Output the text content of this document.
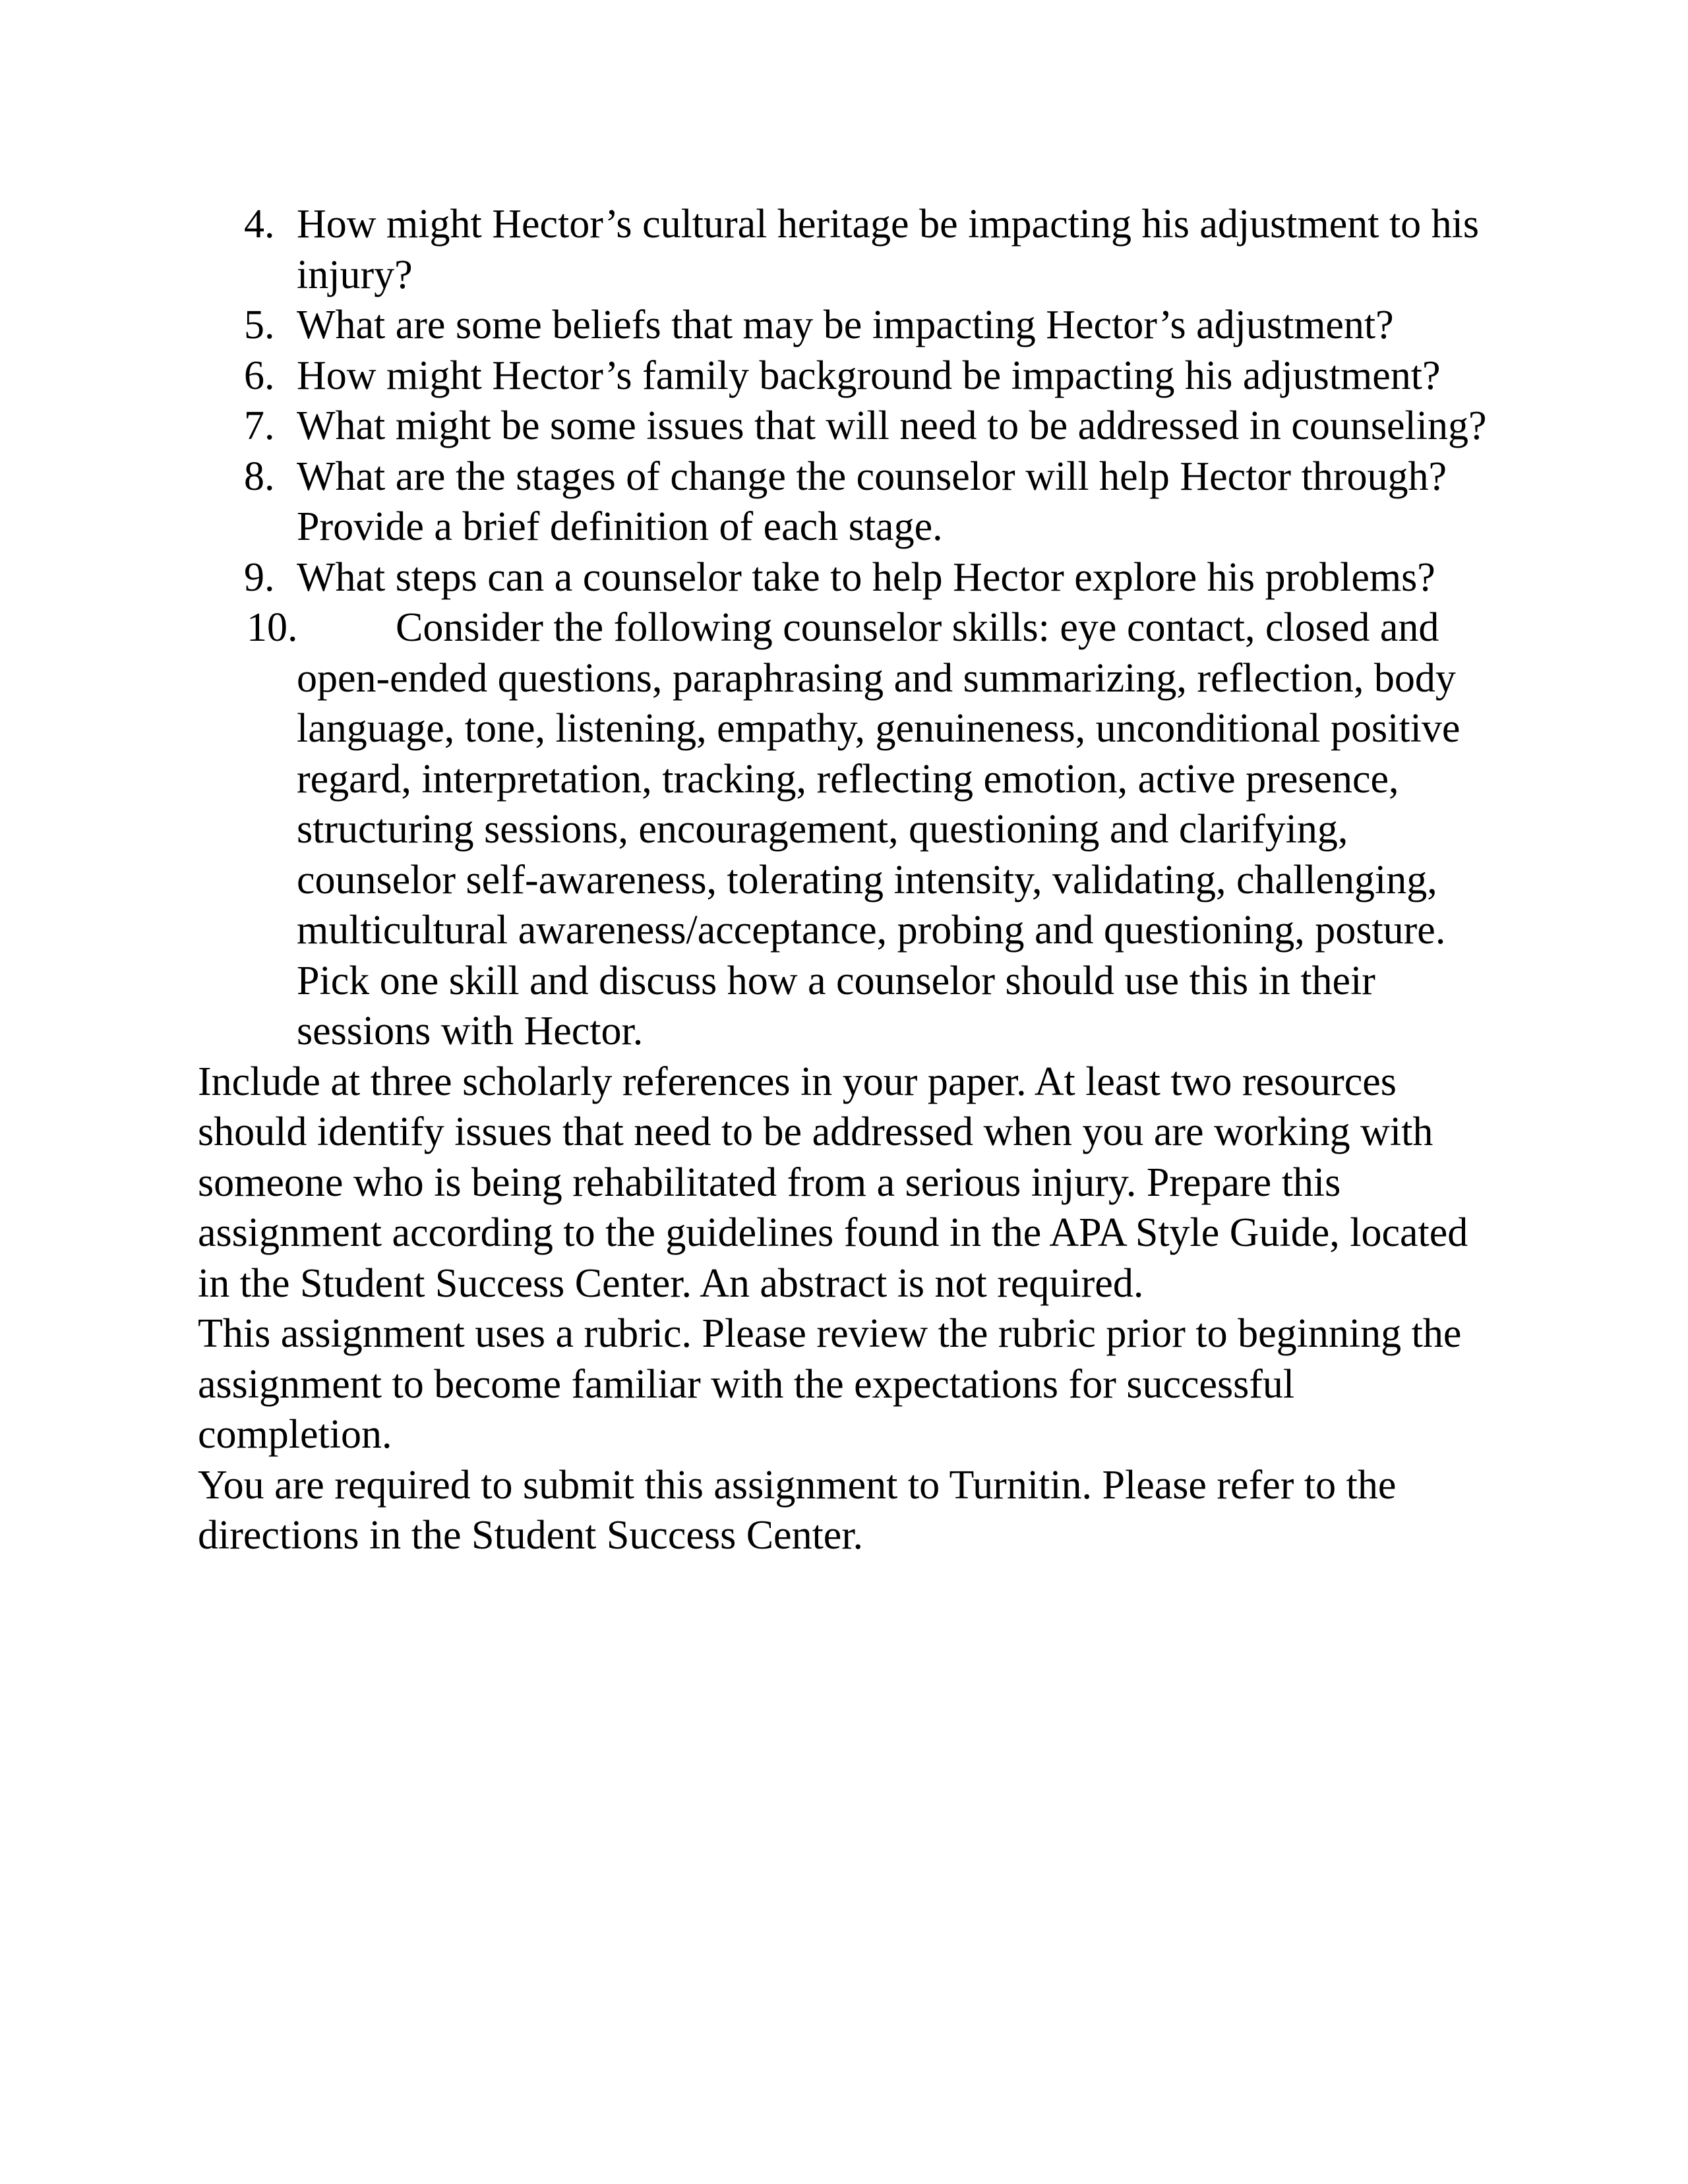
4. How might Hector’s cultural heritage be impacting his adjustment to his injury?
5. What are some beliefs that may be impacting Hector’s adjustment?
6. How might Hector’s family background be impacting his adjustment?
7. What might be some issues that will need to be addressed in counseling?
8. What are the stages of change the counselor will help Hector through? Provide a brief definition of each stage.
9. What steps can a counselor take to help Hector explore his problems?
10.	Consider the following counselor skills: eye contact, closed and open-ended questions, paraphrasing and summarizing, reflection, body language, tone, listening, empathy, genuineness, unconditional positive regard, interpretation, tracking, reflecting emotion, active presence, structuring sessions, encouragement, questioning and clarifying, counselor self-awareness, tolerating intensity, validating, challenging, multicultural awareness/acceptance, probing and questioning, posture. Pick one skill and discuss how a counselor should use this in their sessions with Hector.

Include at three scholarly references in your paper. At least two resources should identify issues that need to be addressed when you are working with someone who is being rehabilitated from a serious injury. Prepare this assignment according to the guidelines found in the APA Style Guide, located in the Student Success Center. An abstract is not required.

This assignment uses a rubric. Please review the rubric prior to beginning the assignment to become familiar with the expectations for successful completion.

You are required to submit this assignment to Turnitin. Please refer to the directions in the Student Success Center.
